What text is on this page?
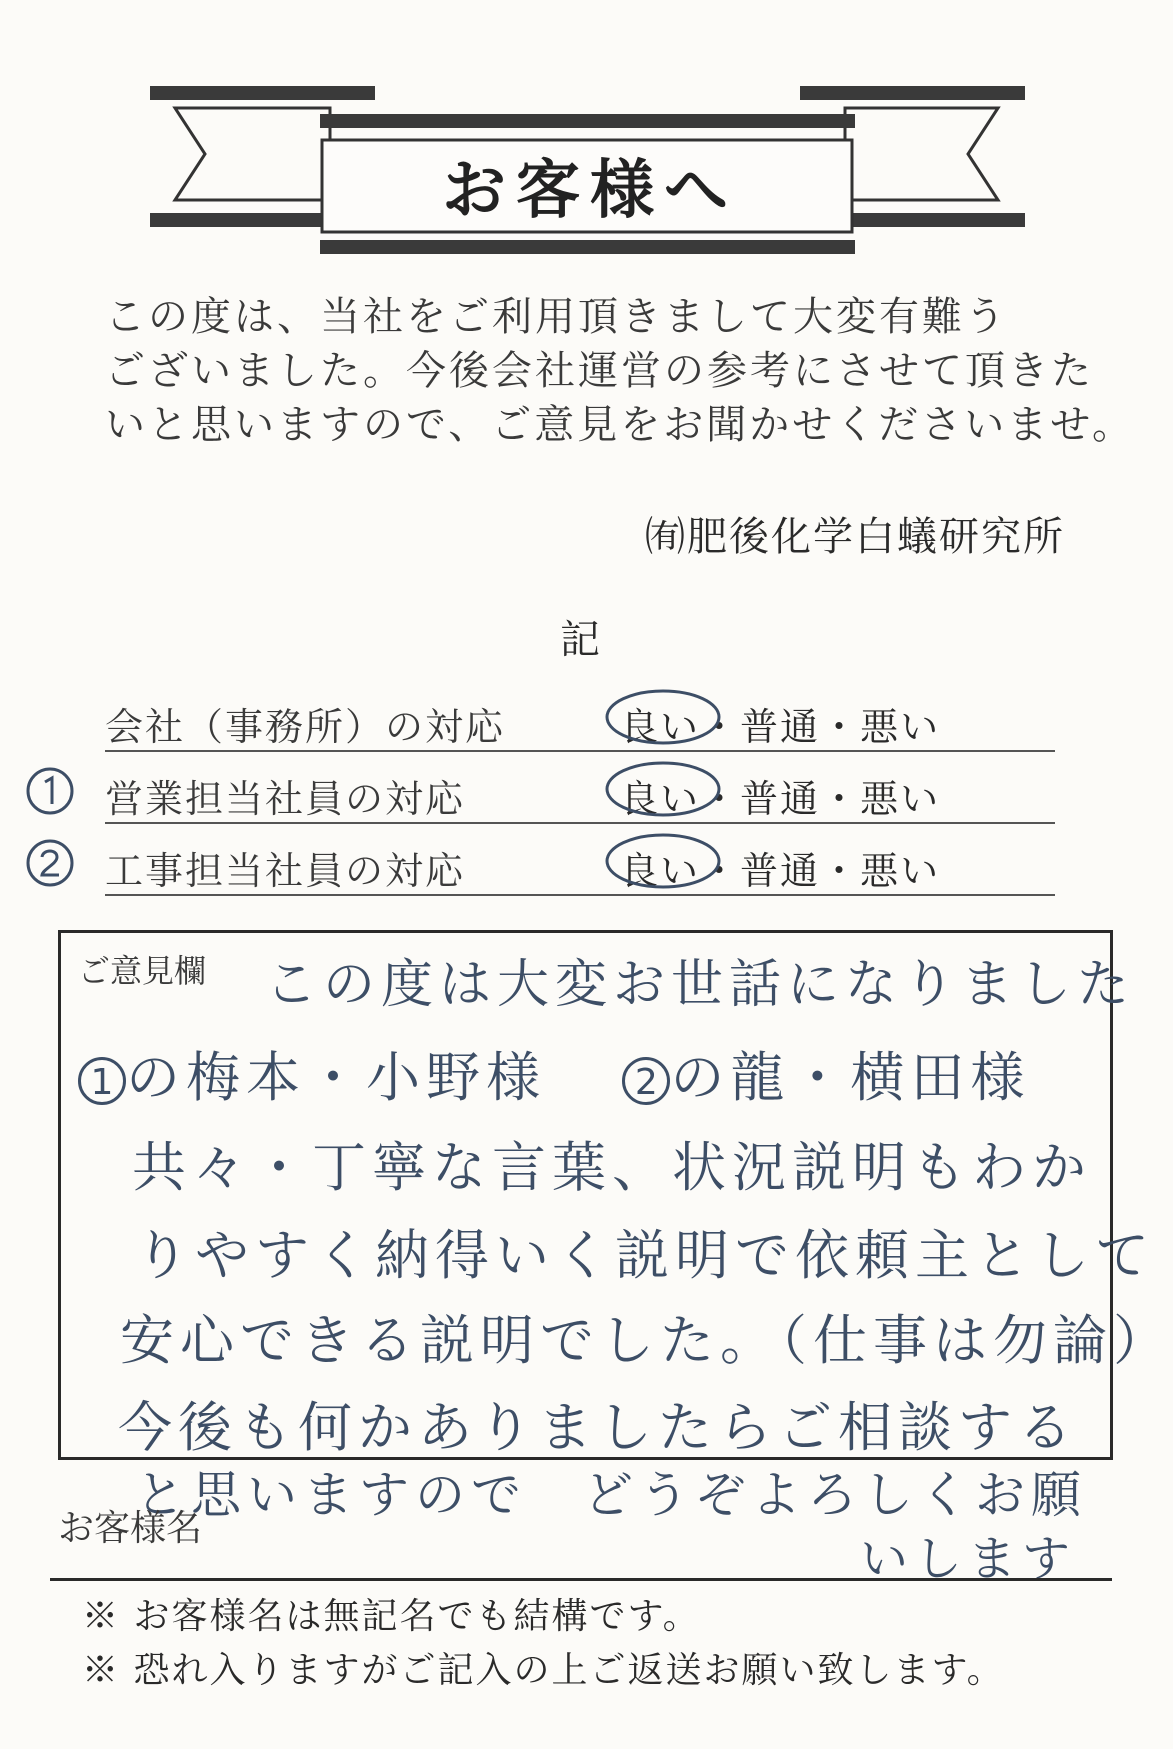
お客様へ
この度は、当社をご利用頂きまして大変有難う
ございました。今後会社運営の参考にさせて頂きた
いと思いますので、ご意見をお聞かせくださいませ。
㈲肥後化学白蟻研究所
記
会社（事務所）の対応	良い・普通・悪い
営業担当社員の対応	良い・普通・悪い
工事担当社員の対応	良い・普通・悪い
ご意見欄 この度は大変お世話になりました
1 の梅本・小野様 2 の龍・横田様
共々・丁寧な言葉、状況説明もわか
りやすく納得いく説明で依頼主として
安心できる説明でした。（仕事は勿論）
今後も何かありましたらご相談する
と思いますので　どうぞよろしくお願
いします
お客様名
※ お客様名は無記名でも結構です。
※ 恐れ入りますがご記入の上ご返送お願い致します。
